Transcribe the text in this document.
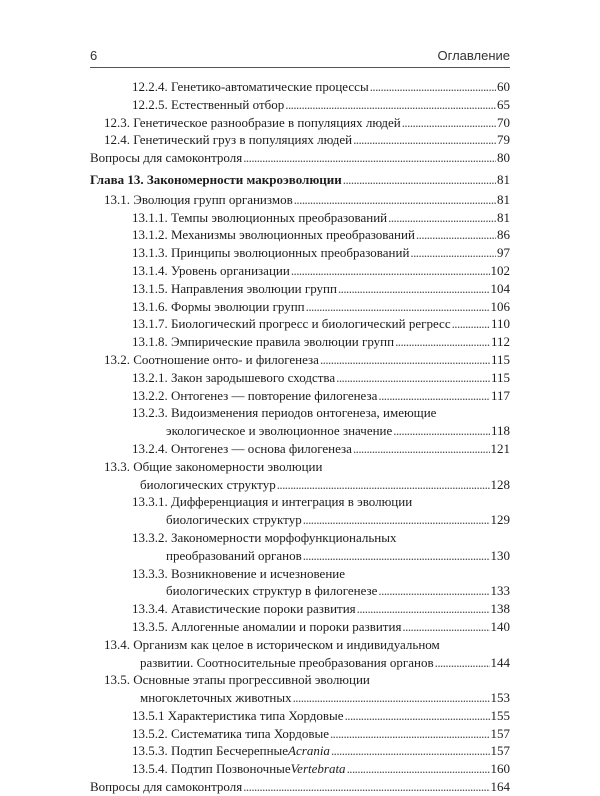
6	Оглавление
12.2.4. Генетико-автоматические процессы . . .	60
12.2.5. Естественный отбор . . .	65
12.3. Генетическое разнообразие в популяциях людей . . .	70
12.4. Генетический груз в популяциях людей . . .	79
Вопросы для самоконтроля . . .	80
Глава 13. Закономерности макроэволюции . . .	81
13.1. Эволюция групп организмов . . .	81
13.1.1. Темпы эволюционных преобразований . . .	81
13.1.2. Механизмы эволюционных преобразований . . .	86
13.1.3. Принципы эволюционных преобразований . . .	97
13.1.4. Уровень организации . . .	102
13.1.5. Направления эволюции групп . . .	104
13.1.6. Формы эволюции групп . . .	106
13.1.7. Биологический прогресс и биологический регресс . . .	110
13.1.8. Эмпирические правила эволюции групп . . .	112
13.2. Соотношение онто- и филогенеза . . .	115
13.2.1. Закон зародышевого сходства . . .	115
13.2.2. Онтогенез — повторение филогенеза . . .	117
13.2.3. Видоизменения периодов онтогенеза, имеющие
экологическое и эволюционное значение . . .	118
13.2.4. Онтогенез — основа филогенеза . . .	121
13.3. Общие закономерности эволюции
биологических структур . . .	128
13.3.1. Дифференциация и интеграция в эволюции
биологических структур . . .	129
13.3.2. Закономерности морфофункциональных
преобразований органов . . .	130
13.3.3. Возникновение и исчезновение
биологических структур в филогенезе . . .	133
13.3.4. Атавистические пороки развития . . .	138
13.3.5. Аллогенные аномалии и пороки развития . . .	140
13.4. Организм как целое в историческом и индивидуальном
развитии. Соотносительные преобразования органов . . .	144
13.5. Основные этапы прогрессивной эволюции
многоклеточных животных . . .	153
13.5.1 Характеристика типа Хордовые . . .	155
13.5.2. Систематика типа Хордовые . . .	157
13.5.3. Подтип Бесчерепные Acrania . . .	157
13.5.4. Подтип Позвоночные Vertebrata . . .	160
Вопросы для самоконтроля . . .	164
